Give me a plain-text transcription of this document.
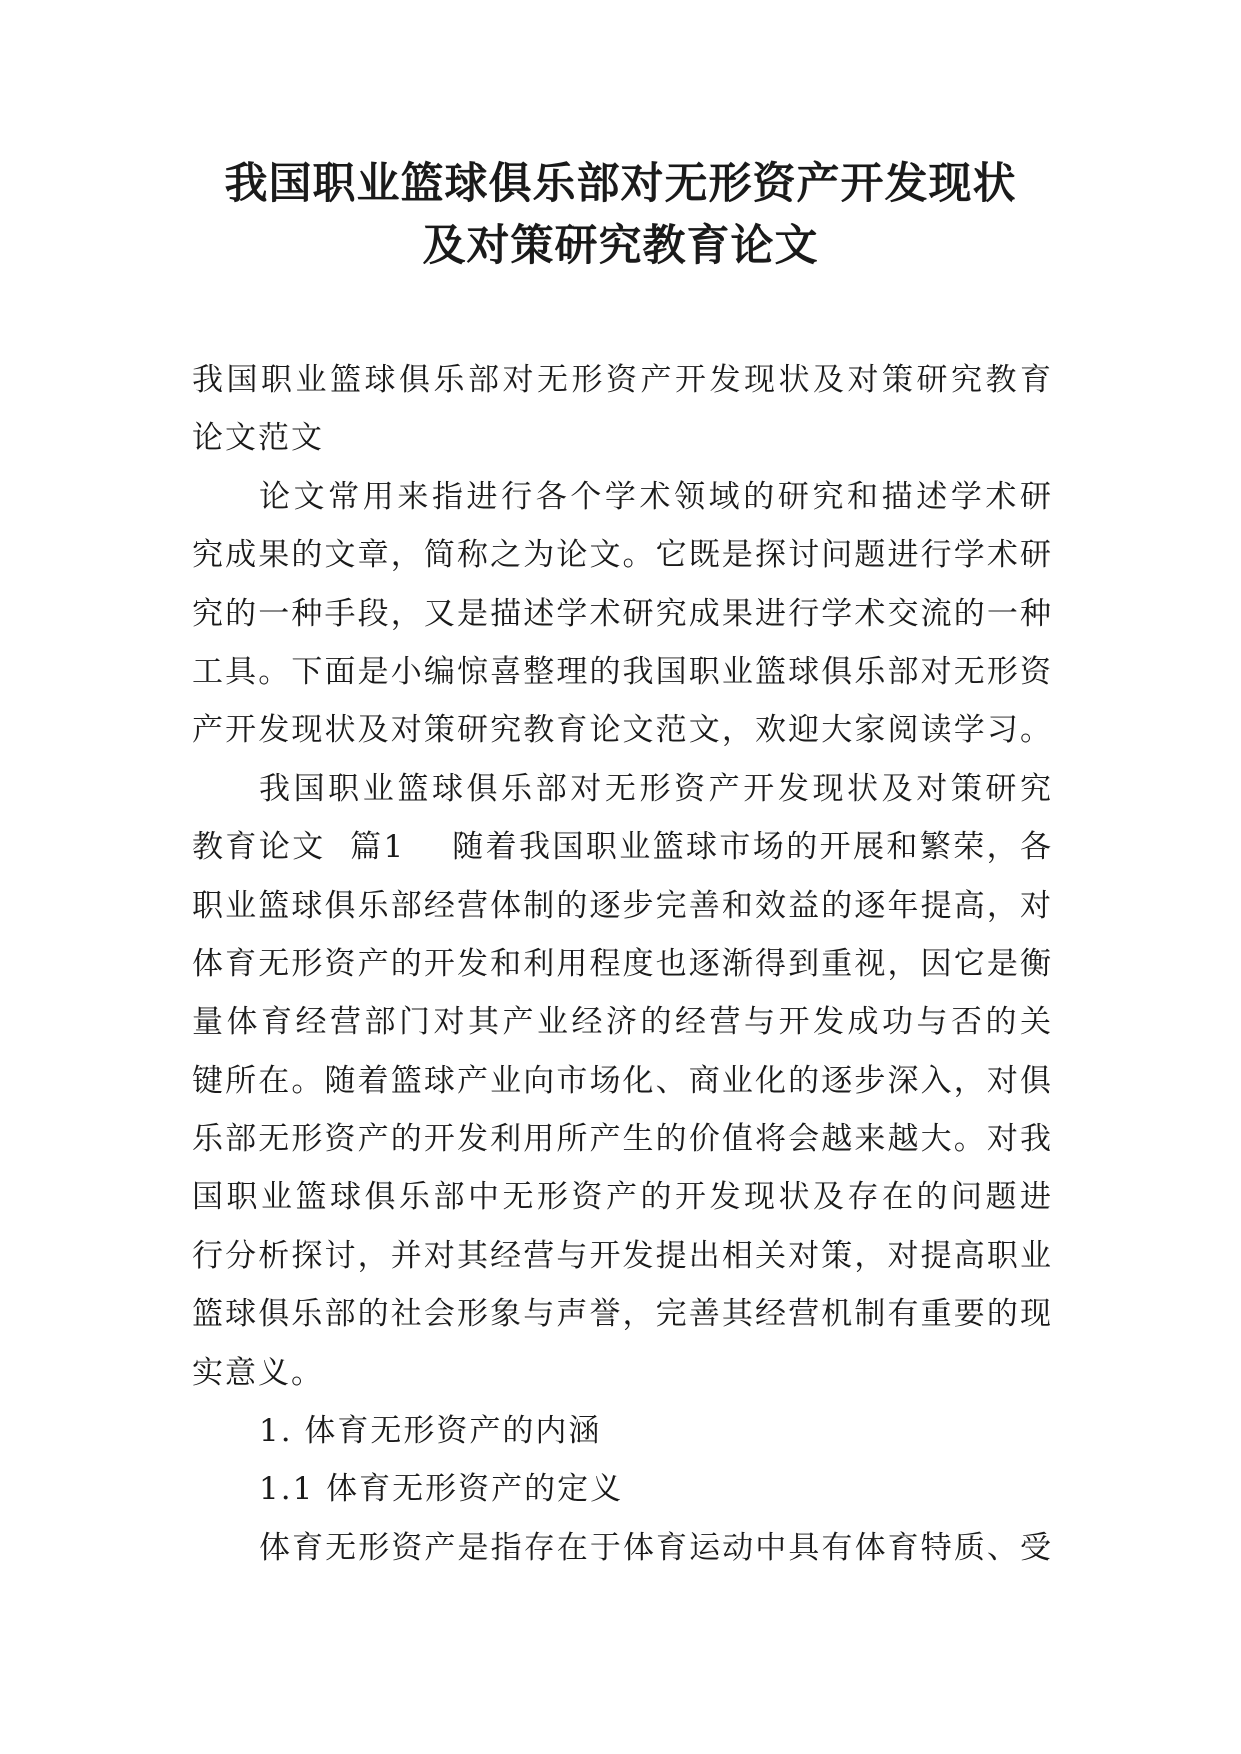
我国职业篮球俱乐部对无形资产开发现状
及对策研究教育论文
我国职业篮球俱乐部对无形资产开发现状及对策研究教育
论文范文
论文常用来指进行各个学术领域的研究和描述学术研
究成果的文章，简称之为论文。它既是探讨问题进行学术研
究的一种手段，又是描述学术研究成果进行学术交流的一种
工具。下面是小编惊喜整理的我国职业篮球俱乐部对无形资
产开发现状及对策研究教育论文范文，欢迎大家阅读学习。
我国职业篮球俱乐部对无形资产开发现状及对策研究
教育论文  篇1    随着我国职业篮球市场的开展和繁荣，各
职业篮球俱乐部经营体制的逐步完善和效益的逐年提高，对
体育无形资产的开发和利用程度也逐渐得到重视，因它是衡
量体育经营部门对其产业经济的经营与开发成功与否的关
键所在。随着篮球产业向市场化、商业化的逐步深入，对俱
乐部无形资产的开发利用所产生的价值将会越来越大。对我
国职业篮球俱乐部中无形资产的开发现状及存在的问题进
行分析探讨，并对其经营与开发提出相关对策，对提高职业
篮球俱乐部的社会形象与声誉，完善其经营机制有重要的现
实意义。
1. 体育无形资产的内涵
1.1 体育无形资产的定义
体育无形资产是指存在于体育运动中具有体育特质、受
